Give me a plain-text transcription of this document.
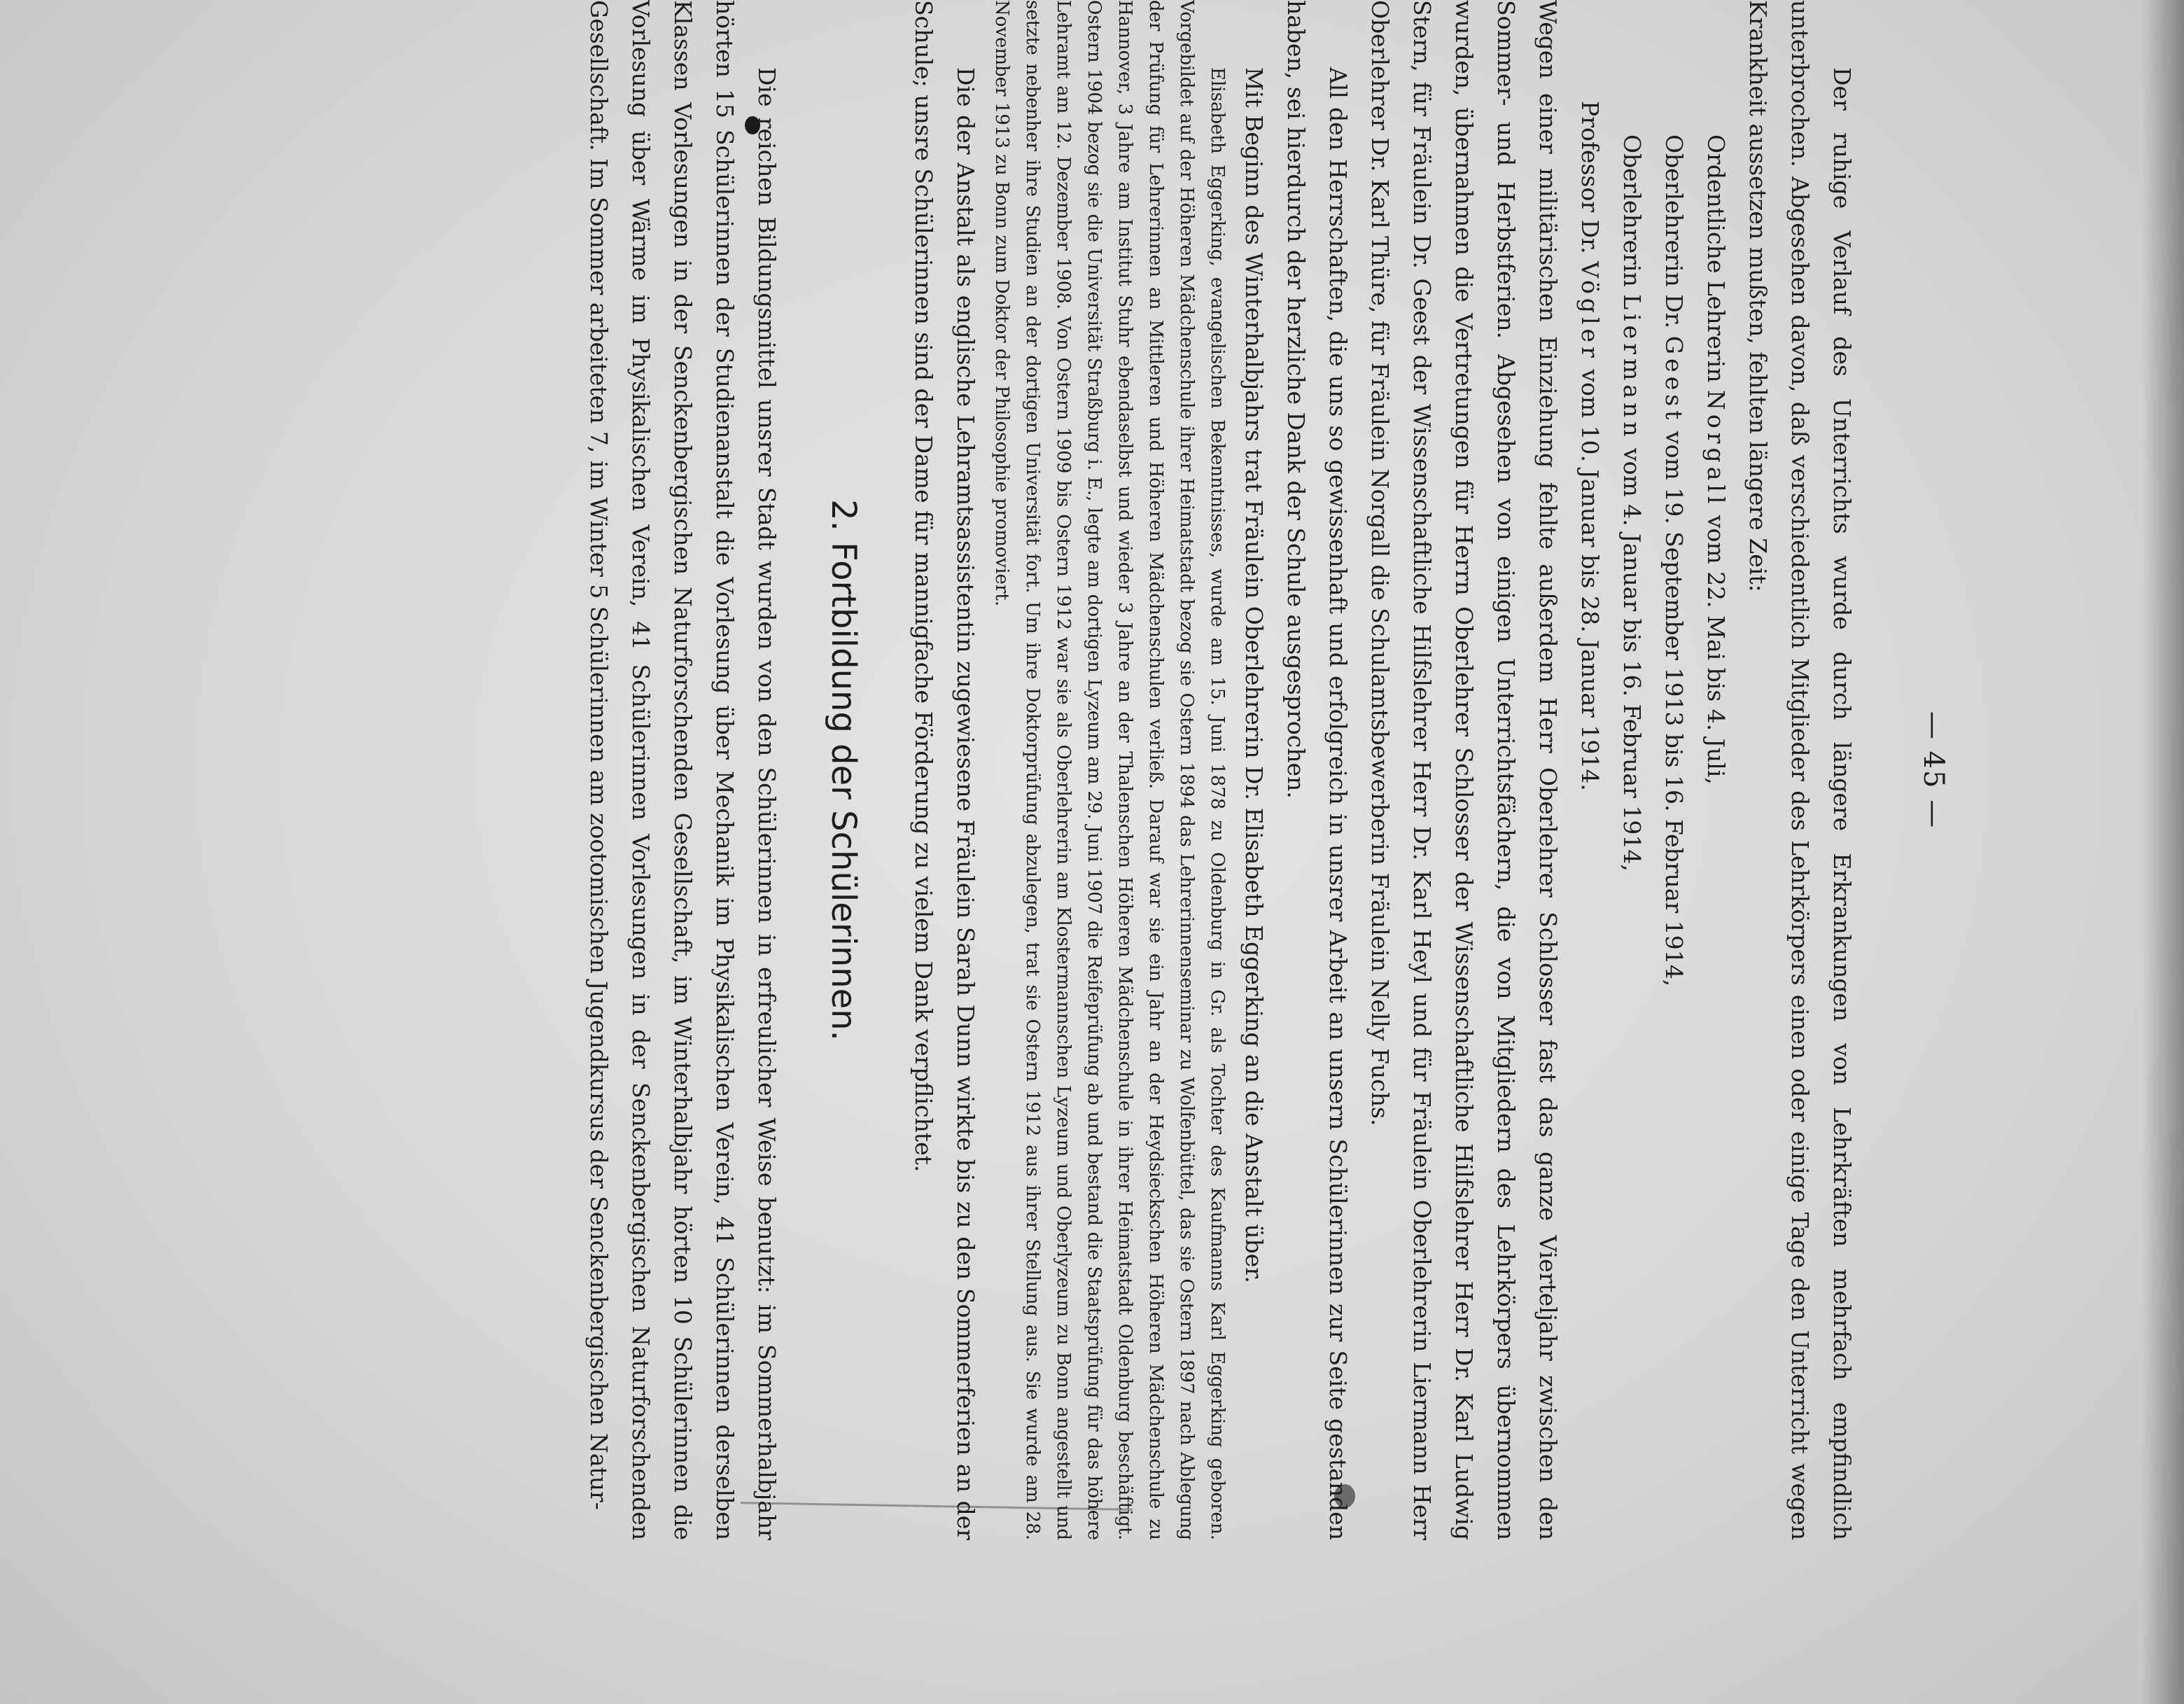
— 45 —

Der ruhige Verlauf des Unterrichts wurde durch längere Erkrankungen von Lehrkräften mehrfach empfindlich unterbrochen. Abgesehen davon, daß verschiedentlich Mitglieder des Lehrkörpers einen oder einige Tage den Unterricht wegen Krankheit aussetzen mußten, fehlten längere Zeit:

Ordentliche Lehrerin Norgall vom 22. Mai bis 4. Juli,
Oberlehrerin Dr. Geest vom 19. September 1913 bis 16. Februar 1914,
Oberlehrerin Liermann vom 4. Januar bis 16. Februar 1914,
Professor Dr. Vögler vom 10. Januar bis 28. Januar 1914.

Wegen einer militärischen Einziehung fehlte außerdem Herr Oberlehrer Schlosser fast das ganze Vierteljahr zwischen den Sommer- und Herbstferien. Abgesehen von einigen Unterrichtsfächern, die von Mitgliedern des Lehrkörpers übernommen wurden, übernahmen die Vertretungen für Herrn Oberlehrer Schlosser der Wissenschaftliche Hilfslehrer Herr Dr. Karl Ludwig Stern, für Fräulein Dr. Geest der Wissenschaftliche Hilfslehrer Herr Dr. Karl Heyl und für Fräulein Oberlehrerin Liermann Herr Oberlehrer Dr. Karl Thüre, für Fräulein Norgall die Schulamtsbewerberin Fräulein Nelly Fuchs.

All den Herrschaften, die uns so gewissenhaft und erfolgreich in unsrer Arbeit an unsern Schülerinnen zur Seite gestanden haben, sei hierdurch der herzliche Dank der Schule ausgesprochen.

Mit Beginn des Winterhalbjahrs trat Fräulein Oberlehrerin Dr. Elisabeth Eggerking an die Anstalt über.

Elisabeth Eggerking, evangelischen Bekenntnisses, wurde am 15. Juni 1878 zu Oldenburg in Gr. als Tochter des Kaufmanns Karl Eggerking geboren. Vorgebildet auf der Höheren Mädchenschule ihrer Heimatstadt bezog sie Ostern 1894 das Lehrerinnenseminar zu Wolfenbüttel, das sie Ostern 1897 nach Ablegung der Prüfung für Lehrerinnen an Mittleren und Höheren Mädchenschulen verließ. Darauf war sie ein Jahr an der Heydsieckschen Höheren Mädchenschule zu Hannover, 3 Jahre am Institut Stuhr ebendaselbst und wieder 3 Jahre an der Thalenschen Höheren Mädchenschule in ihrer Heimatstadt Oldenburg beschäftigt. Ostern 1904 bezog sie die Universität Straßburg i. E., legte am dortigen Lyzeum am 29. Juni 1907 die Reifeprüfung ab und bestand die Staatsprüfung für das höhere Lehramt am 12. Dezember 1908. Von Ostern 1909 bis Ostern 1912 war sie als Oberlehrerin am Klostermannschen Lyzeum und Oberlyzeum zu Bonn angestellt und setzte nebenher ihre Studien an der dortigen Universität fort. Um ihre Doktorprüfung abzulegen, trat sie Ostern 1912 aus ihrer Stellung aus. Sie wurde am 28. November 1913 zu Bonn zum Doktor der Philosophie promoviert.

Die der Anstalt als englische Lehramtsassistentin zugewiesene Fräulein Sarah Dunn wirkte bis zu den Sommerferien an der Schule; unsre Schülerinnen sind der Dame für mannigfache Förderung zu vielem Dank verpflichtet.

2. Fortbildung der Schülerinnen.

Die reichen Bildungsmittel unsrer Stadt wurden von den Schülerinnen in erfreulicher Weise benutzt: im Sommerhalbjahr hörten 15 Schülerinnen der Studienanstalt die Vorlesung über Mechanik im Physikalischen Verein, 41 Schülerinnen derselben Klassen Vorlesungen in der Senckenbergischen Naturforschenden Gesellschaft, im Winterhalbjahr hörten 10 Schülerinnen die Vorlesung über Wärme im Physikalischen Verein, 41 Schülerinnen Vorlesungen in der Senckenbergischen Naturforschenden Gesellschaft. Im Sommer arbeiteten 7, im Winter 5 Schülerinnen am zootomischen Jugendkursus der Senckenbergischen Natur-
